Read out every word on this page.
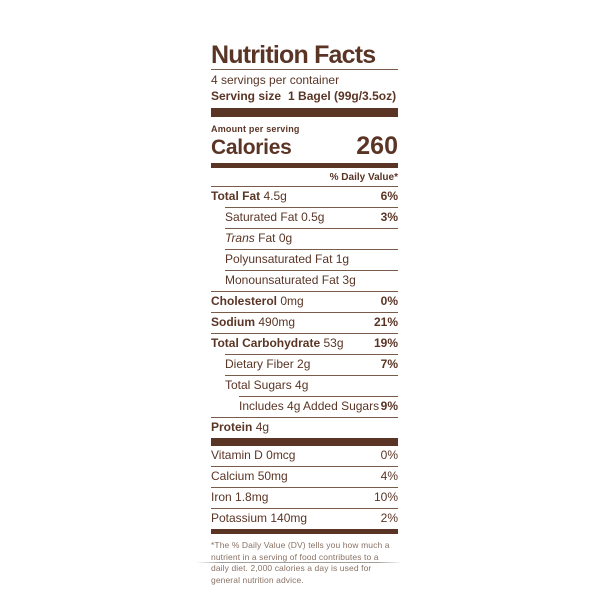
Nutrition Facts
4 servings per container
Serving size 1 Bagel (99g/3.5oz)
Amount per serving
Calories	260
% Daily Value*
Total Fat 4.5g	6%
Saturated Fat 0.5g	3%
Trans Fat 0g
Polyunsaturated Fat 1g
Monounsaturated Fat 3g
Cholesterol 0mg	0%
Sodium 490mg	21%
Total Carbohydrate 53g	19%
Dietary Fiber 2g	7%
Total Sugars 4g
Includes 4g Added Sugars 9%
Protein 4g
Vitamin D 0mcg	0%
Calcium 50mg	4%
Iron 1.8mg	10%
Potassium 140mg	2%
*The % Daily Value (DV) tells you how much a nutrient in a serving of food contributes to a daily diet. 2,000 calories a day is used for general nutrition advice.
